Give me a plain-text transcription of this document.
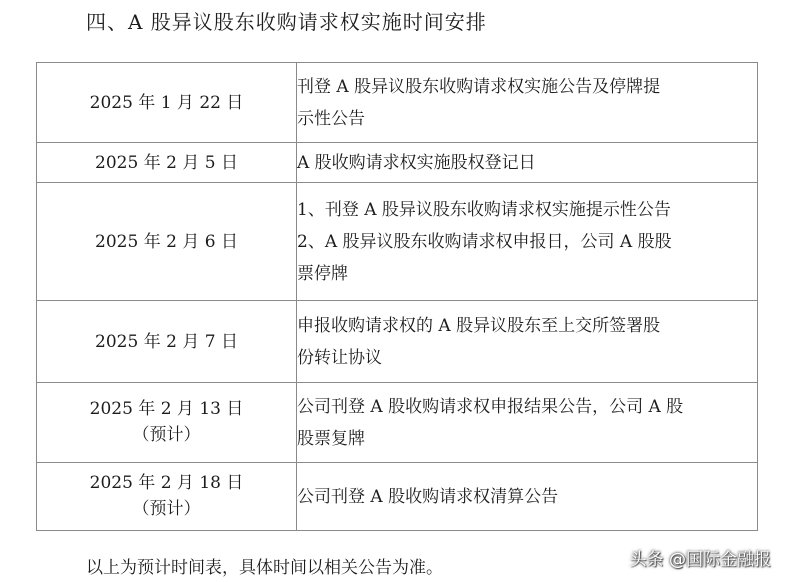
四、A 股异议股东收购请求权实施时间安排
2025 年 1 月 22 日	刊登 A 股异议股东收购请求权实施公告及停牌提
示性公告

2025 年 2 月 5 日	A 股收购请求权实施股权登记日

2025 年 2 月 6 日	1、刊登 A 股异议股东收购请求权实施提示性公告
2、A 股异议股东收购请求权申报日，公司 A 股股
票停牌

2025 年 2 月 7 日	申报收购请求权的 A 股异议股东至上交所签署股
份转让协议

2025 年 2 月 13 日
（预计）	公司刊登 A 股收购请求权申报结果公告，公司 A 股
股票复牌

2025 年 2 月 18 日
（预计）	公司刊登 A 股收购请求权清算公告
以上为预计时间表，具体时间以相关公告为准。	头条 @国际金融报
